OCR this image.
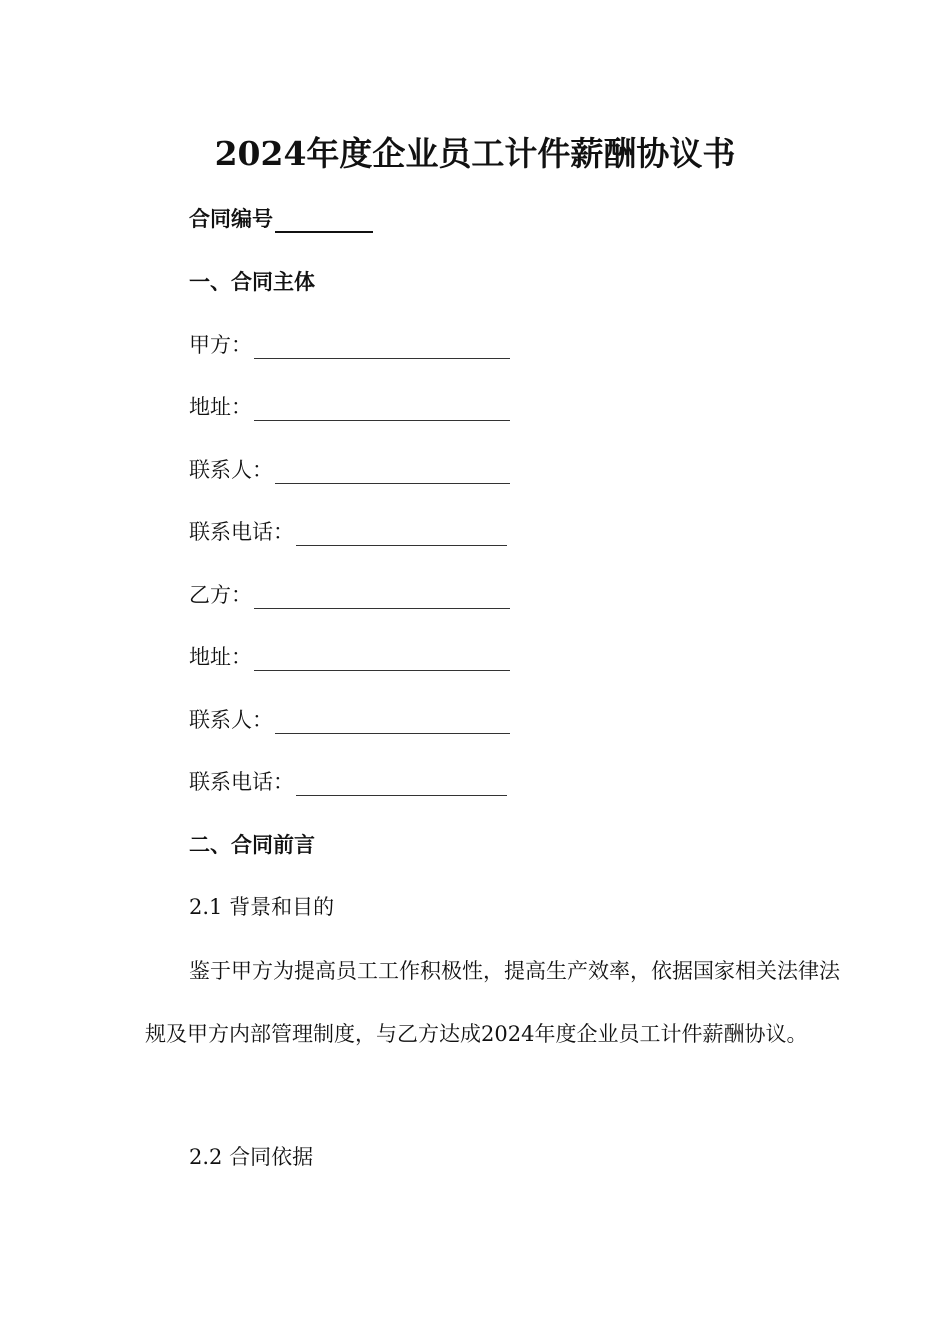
2024年度企业员工计件薪酬协议书
合同编号
一、合同主体
甲方：
地址：
联系人：
联系电话：
乙方：
地址：
联系人：
联系电话：
二、合同前言
2.1 背景和目的
鉴于甲方为提高员工工作积极性，提高生产效率，依据国家相关法律法规及甲方内部管理制度，与乙方达成2024年度企业员工计件薪酬协议。
2.2 合同依据
